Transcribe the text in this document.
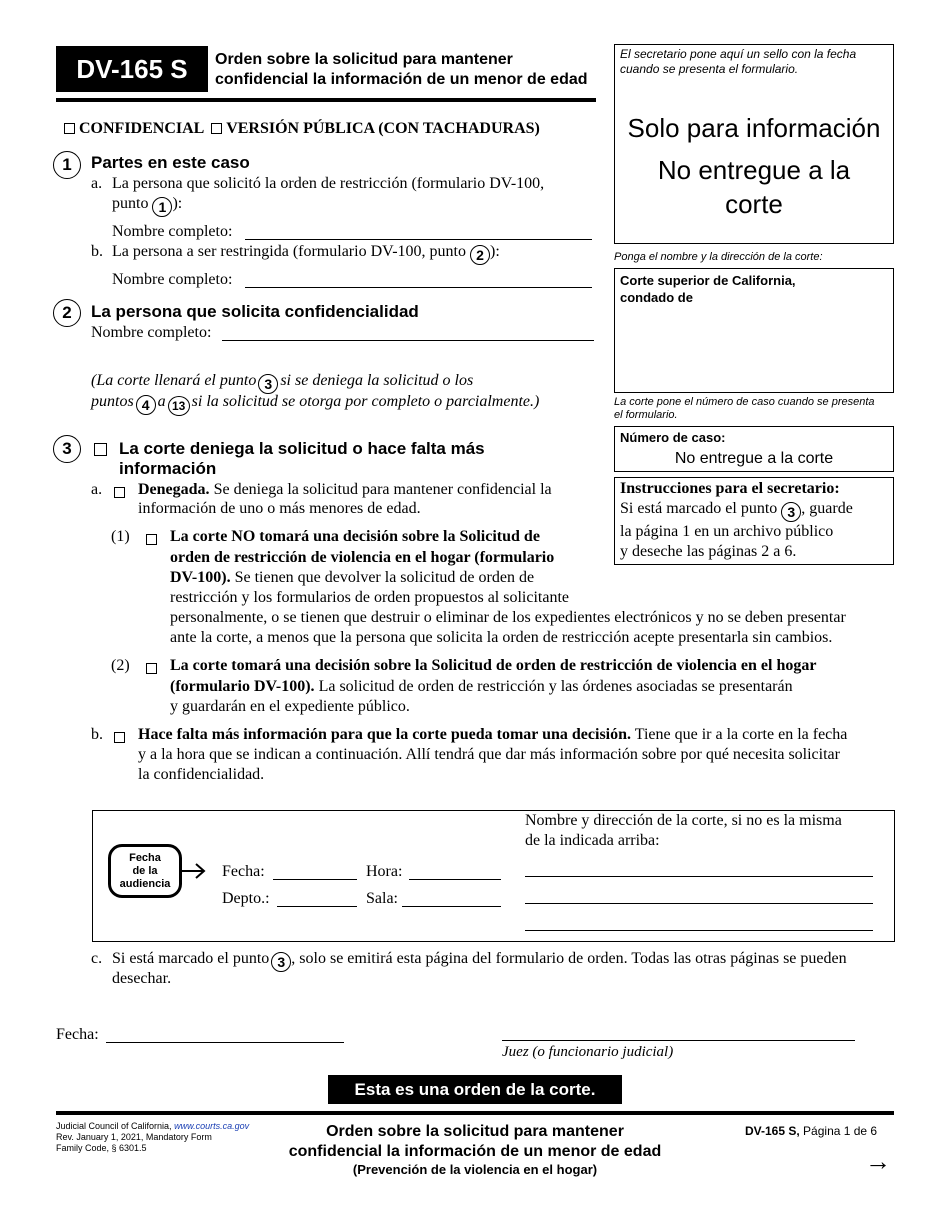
DV-165 S	Orden sobre la solicitud para mantener
confidencial la información de un menor de edad
CONFIDENCIAL VERSIÓN PÚBLICA (CON TACHADURAS)
El secretario pone aquí un sello con la fecha cuando se presenta el formulario.
Solo para información
No entregue a la
corte
Ponga el nombre y la dirección de la corte:
Corte superior de California,
condado de
La corte pone el número de caso cuando se presenta el formulario.
Número de caso:
No entregue a la corte
Instrucciones para el secretario:
Si está marcado el punto 3 , guarde
la página 1 en un archivo público
y deseche las páginas 2 a 6.
1	Partes en este caso
a. La persona que solicitó la orden de restricción (formulario DV-100,
punto 1 ):
Nombre completo:
b. La persona a ser restringida (formulario DV-100, punto 2 ):
Nombre completo:
2	La persona que solicita confidencialidad
Nombre completo:
(La corte llenará el punto 3 si se deniega la solicitud o los
puntos 4 a 13 si la solicitud se otorga por completo o parcialmente.)
3	La corte deniega la solicitud o hace falta más
información
a. Denegada. Se deniega la solicitud para mantener confidencial la
información de uno o más menores de edad.
(1)	La corte NO tomará una decisión sobre la Solicitud de
orden de restricción de violencia en el hogar (formulario
DV-100). Se tienen que devolver la solicitud de orden de
restricción y los formularios de orden propuestos al solicitante
personalmente, o se tienen que destruir o eliminar de los expedientes electrónicos y no se deben presentar
ante la corte, a menos que la persona que solicita la orden de restricción acepte presentarla sin cambios.
(2)	La corte tomará una decisión sobre la Solicitud de orden de restricción de violencia en el hogar
(formulario DV-100). La solicitud de orden de restricción y las órdenes asociadas se presentarán
y guardarán en el expediente público.
b. Hace falta más información para que la corte pueda tomar una decisión. Tiene que ir a la corte en la fecha
y a la hora que se indican a continuación. Allí tendrá que dar más información sobre por qué necesita solicitar
la confidencialidad.
Fecha
de la
audiencia
Fecha:	Hora:
Depto.:	Sala:
Nombre y dirección de la corte, si no es la misma
de la indicada arriba:
c. Si está marcado el punto 3 , solo se emitirá esta página del formulario de orden. Todas las otras páginas se pueden
desechar.
Fecha:
Juez (o funcionario judicial)
Esta es una orden de la corte.
Judicial Council of California, www.courts.ca.gov
Rev. January 1, 2021, Mandatory Form
Family Code, § 6301.5
Orden sobre la solicitud para mantener
confidencial la información de un menor de edad
(Prevención de la violencia en el hogar)
DV-165 S, Página 1 de 6
→
